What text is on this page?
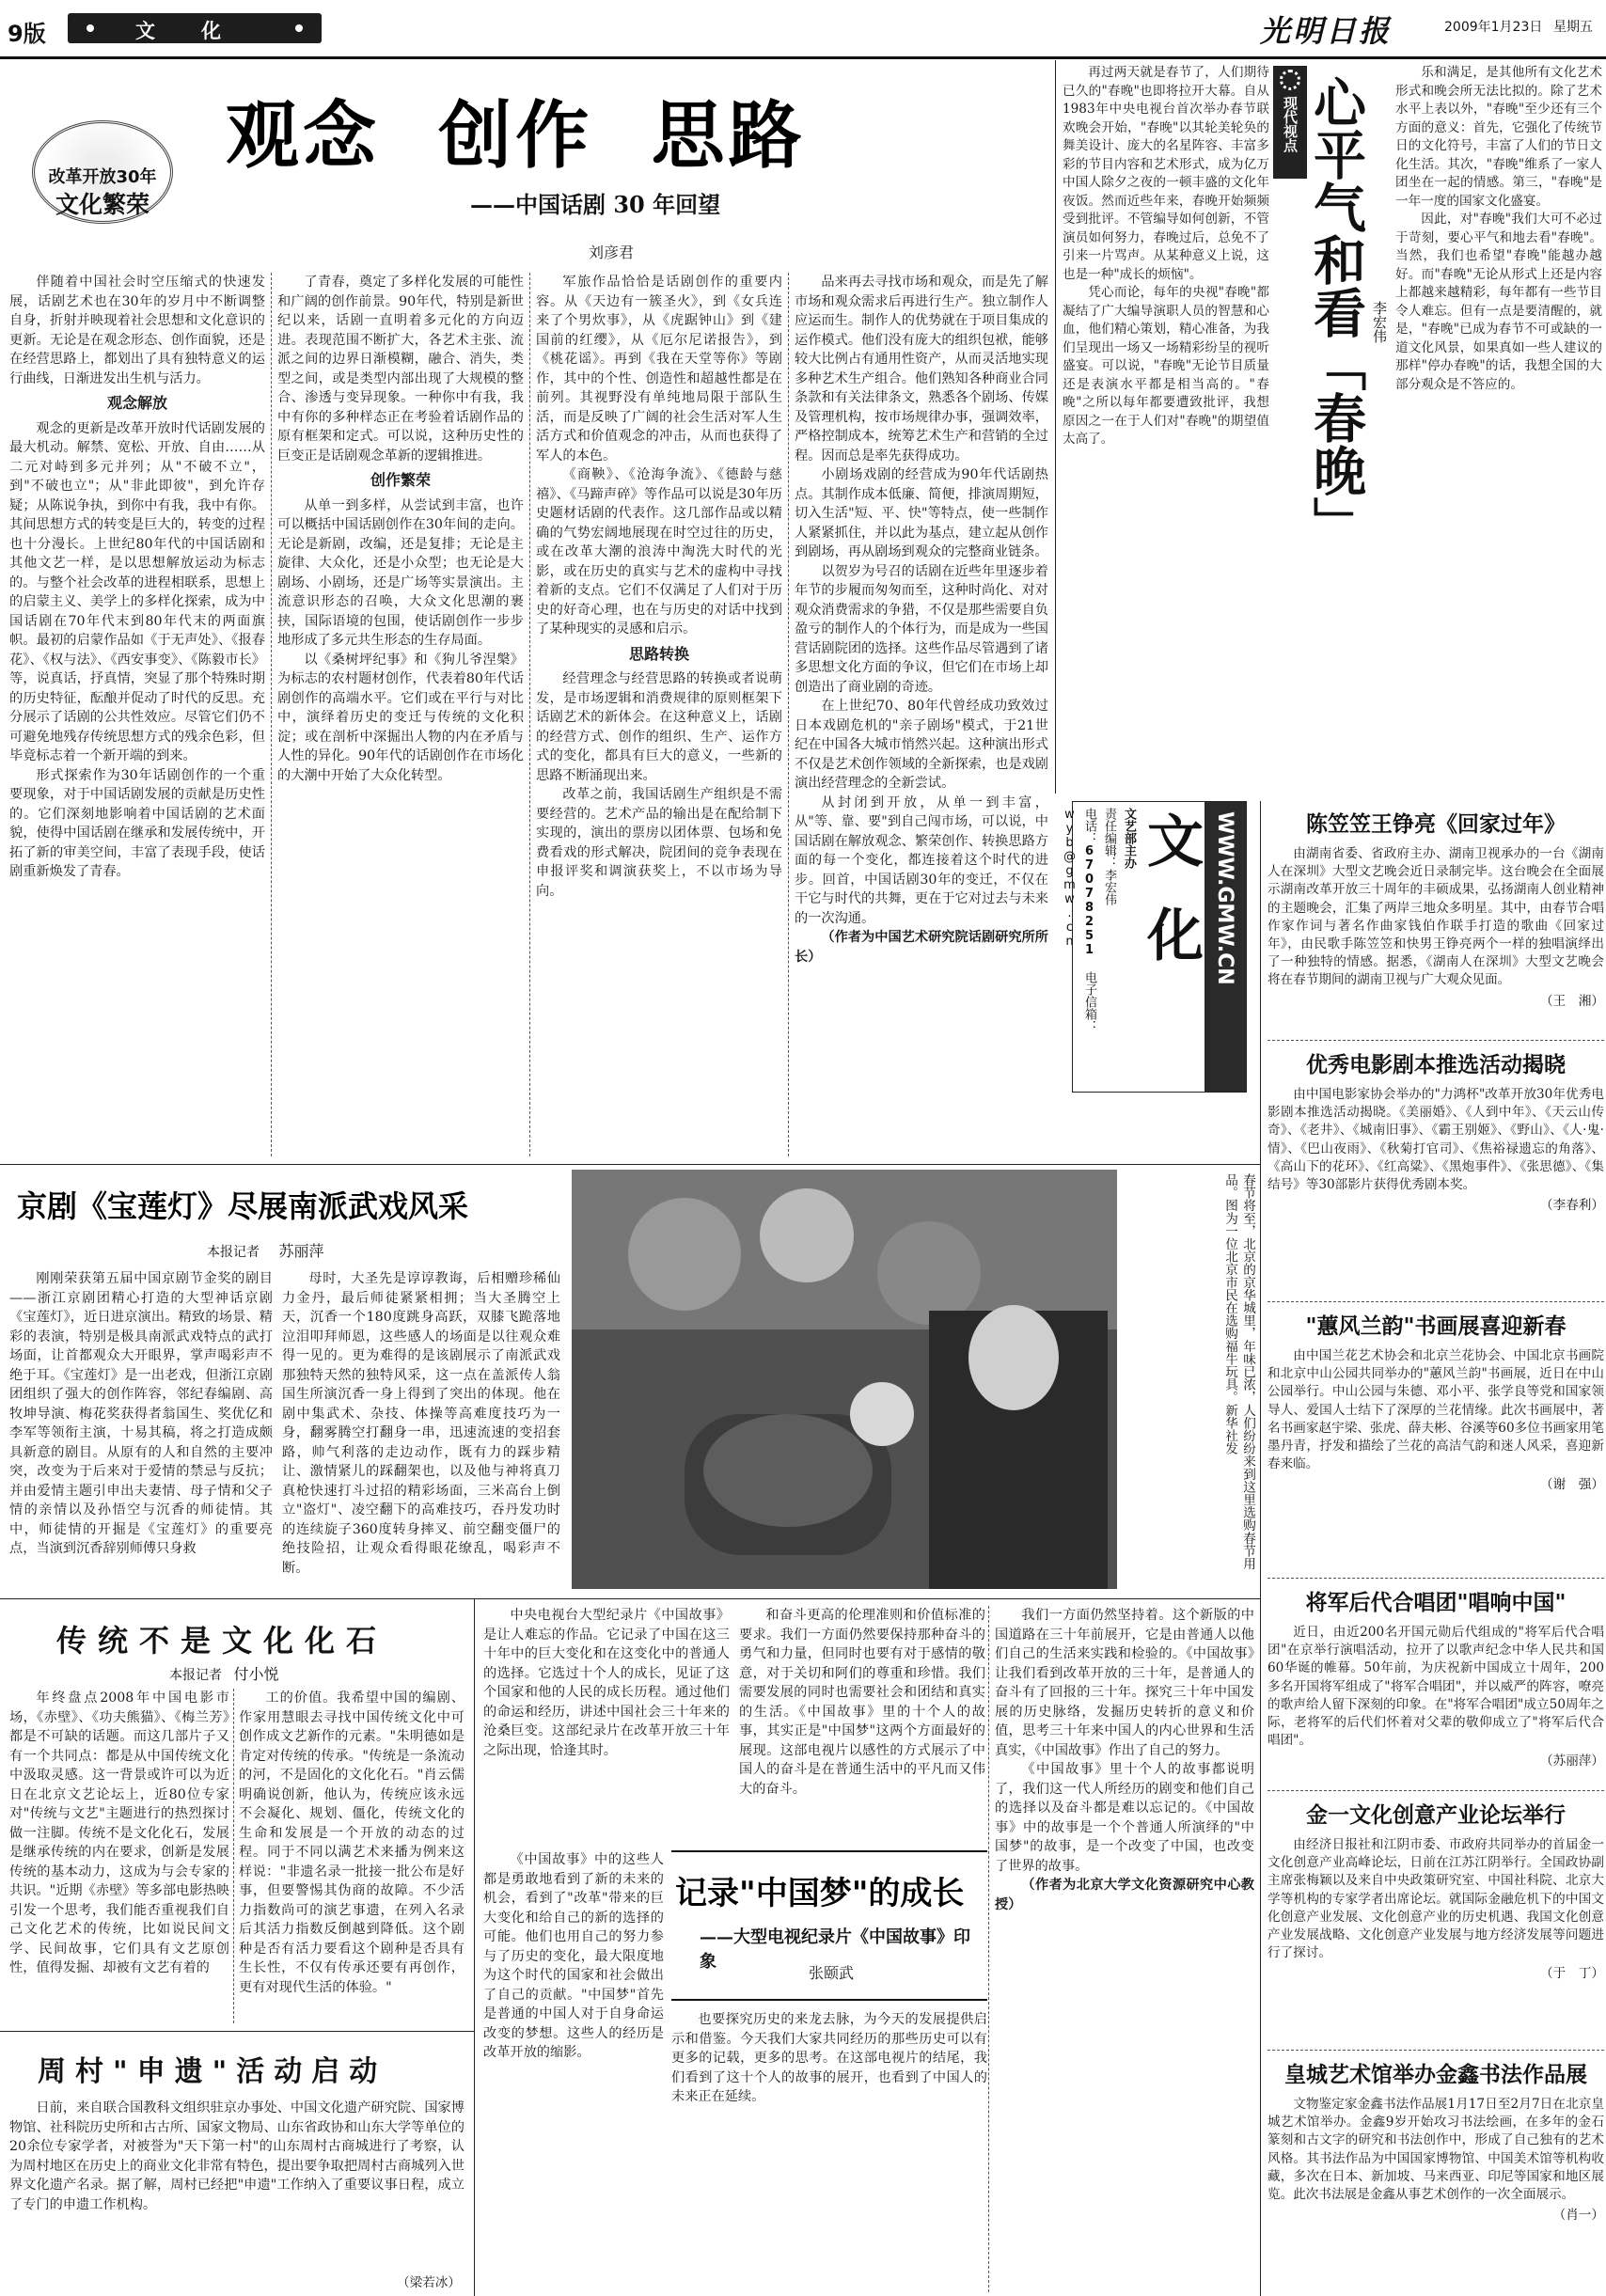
9版	文　化	光明日报	2009年1月23日 星期五
改革开放30年
文化繁荣
观念  创作  思路
——中国话剧 30 年回望
刘彦君

伴随着中国社会时空压缩式的快速发展，话剧艺术也在30年的岁月中不断调整自身，折射并映现着社会思想和文化意识的更新。无论是在观念形态、创作面貌，还是在经营思路上，都划出了具有独特意义的运行曲线，日渐进发出生机与活力。

观念解放

观念的更新是改革开放时代话剧发展的最大机动。解禁、宽松、开放、自由……从二元对峙到多元并列；从"不破不立"，到"不破也立"；从"非此即彼"，到允许存疑；从陈说争执，到你中有我，我中有你。其间思想方式的转变是巨大的，转变的过程也十分漫长。上世纪80年代的中国话剧和其他文艺一样，是以思想解放运动为标志的。与整个社会改革的进程相联系，思想上的启蒙主义、美学上的多样化探索，成为中国话剧在70年代末到80年代末的两面旗帜。最初的启蒙作品如《于无声处》、《报春花》、《权与法》、《西安事变》、《陈毅市长》等，说真话，抒真情，突显了那个特殊时期的历史特征，酝酿并促动了时代的反思。充分展示了话剧的公共性效应。尽管它们仍不可避免地残存传统思想方式的残余色彩，但毕竟标志着一个新开端的到来。

形式探索作为30年话剧创作的一个重要现象，对于中国话剧发展的贡献是历史性的。它们深刻地影响着中国话剧的艺术面貌，使得中国话剧在继承和发展传统中，开拓了新的审美空间，丰富了表现手段，使话剧重新焕发了青春。

了青春，奠定了多样化发展的可能性和广阔的创作前景。90年代，特别是新世纪以来，话剧一直明着多元化的方向迈进。表现范围不断扩大，各艺术主张、流派之间的边界日渐模糊，融合、消失，类型之间，或是类型内部出现了大规模的整合、渗透与变异现象。一种你中有我，我中有你的多种样态正在考验着话剧作品的原有框架和定式。可以说，这种历史性的巨变正是话剧观念革新的逻辑推进。

创作繁荣

从单一到多样，从尝试到丰富，也许可以概括中国话剧创作在30年间的走向。无论是新剧，改编，还是复排；无论是主旋律、大众化，还是小众型；也无论是大剧场、小剧场，还是广场等实景演出。主流意识形态的召唤，大众文化思潮的裹挟，国际语境的包围，使话剧创作一步步地形成了多元共生形态的生存局面。

以《桑树坪纪事》和《狗儿爷涅槃》为标志的农村题材创作，代表着80年代话剧创作的高端水平。它们或在平行与对比中，演绎着历史的变迁与传统的文化积淀；或在剖析中深掘出人物的内在矛盾与人性的异化。90年代的话剧创作在市场化的大潮中开始了大众化转型。

军旅作品恰恰是话剧创作的重要内容。从《天边有一簇圣火》，到《女兵连来了个男炊事》，从《虎踞钟山》到《建国前的红缨》，从《厄尔尼诺报告》，到《桃花谣》。再到《我在天堂等你》等剧作，其中的个性、创造性和超越性都是在前列。其视野没有单纯地局限于部队生活，而是反映了广阔的社会生活对军人生活方式和价值观念的冲击，从而也获得了军人的本色。

《商鞅》、《沧海争流》、《德龄与慈禧》、《马蹄声碎》等作品可以说是30年历史题材话剧的代表作。这几部作品或以精确的气势宏阔地展现在时空过往的历史，或在改革大潮的浪涛中淘洗大时代的光影，或在历史的真实与艺术的虚构中寻找着新的支点。它们不仅满足了人们对于历史的好奇心理，也在与历史的对话中找到了某种现实的灵感和启示。

思路转换

经营理念与经营思路的转换或者说萌发，是市场逻辑和消费规律的原则框架下话剧艺术的新体会。在这种意义上，话剧的经营方式、创作的组织、生产、运作方式的变化，都具有巨大的意义，一些新的思路不断涌现出来。

改革之前，我国话剧生产组织是不需要经营的。艺术产品的输出是在配给制下实现的，演出的票房以团体票、包场和免费看戏的形式解决，院团间的竞争表现在申报评奖和调演获奖上，不以市场为导向。

品来再去寻找市场和观众，而是先了解市场和观众需求后再进行生产。独立制作人应运而生。制作人的优势就在于项目集成的运作模式。他们没有庞大的组织包袱，能够较大比例占有通用性资产，从而灵活地实现多种艺术生产组合。他们熟知各种商业合同条款和有关法律条文，熟悉各个剧场、传媒及管理机构，按市场规律办事，强调效率，严格控制成本，统筹艺术生产和营销的全过程。因而总是率先获得成功。

小剧场戏剧的经营成为90年代话剧热点。其制作成本低廉、简便，排演周期短，切入生活"短、平、快"等特点，使一些制作人紧紧抓住，并以此为基点，建立起从创作到剧场，再从剧场到观众的完整商业链条。

以贺岁为号召的话剧在近些年里逐步着年节的步履而匆匆而至，这种时尚化、对对观众消费需求的争猎，不仅是那些需要自负盈亏的制作人的个体行为，而是成为一些国营话剧院团的选择。这些作品尽管遇到了诸多思想文化方面的争议，但它们在市场上却创造出了商业剧的奇迹。

在上世纪70、80年代曾经成功致效过日本戏剧危机的"亲子剧场"模式，于21世纪在中国各大城市悄然兴起。这种演出形式不仅是艺术创作领域的全新探索，也是戏剧演出经营理念的全新尝试。

从封闭到开放，从单一到丰富，从"等、靠、要"到自己闯市场，可以说，中国话剧在解放观念、繁荣创作、转换思路方面的每一个变化，都连接着这个时代的进步。回首，中国话剧30年的变迁，不仅在干它与时代的共舞，更在于它对过去与未来的一次沟通。

（作者为中国艺术研究院话剧研究所所长）

再过两天就是春节了，人们期待已久的"春晚"也即将拉开大幕。自从1983年中央电视台首次举办春节联欢晚会开始，"春晚"以其轮美轮奂的舞美设计、庞大的名星阵容、丰富多彩的节目内容和艺术形式，成为亿万中国人除夕之夜的一顿丰盛的文化年夜饭。然而近些年来，春晚开始频频受到批评。不管编导如何创新，不管演员如何努力，春晚过后，总免不了引来一片骂声。从某种意义上说，这也是一种"成长的烦恼"。

凭心而论，每年的央视"春晚"都凝结了广大编导演职人员的智慧和心血，他们精心策划，精心准备，为我们呈现出一场又一场精彩纷呈的视听盛宴。可以说，"春晚"无论节目质量还是表演水平都是相当高的。"春晚"之所以每年都要遭致批评，我想原因之一在于人们对"春晚"的期望值太高了。

现代视点 心平气和看「春晚」 李宏伟

乐和满足，是其他所有文化艺术形式和晚会所无法比拟的。除了艺术水平上表以外，"春晚"至少还有三个方面的意义：首先，它强化了传统节日的文化符号，丰富了人们的节日文化生活。其次，"春晚"维系了一家人团坐在一起的情感。第三，"春晚"是一年一度的国家文化盛宴。

因此，对"春晚"我们大可不必过于苛刻，要心平气和地去看"春晚"。当然，我们也希望"春晚"能越办越好。而"春晚"无论从形式上还是内容上都越来越精彩，每年都有一些节目令人难忘。但有一点是要清醒的，就是，"春晚"已成为春节不可或缺的一道文化风景，如果真如一些人建议的那样"停办春晚"的话，我想全国的大部分观众是不答应的。

文艺部主办
责任编辑：李宏伟
电话：67078251 电子信箱：wyb@gmw.cn	文化 WWW.GMW.CN	陈笠笠王铮亮《回家过年》
由湖南省委、省政府主办、湖南卫视承办的一台《湖南人在深圳》大型文艺晚会近日录制完毕。这台晚会在全面展示湖南改革开放三十周年的丰硕成果，弘扬湖南人创业精神的主题晚会，汇集了两岸三地众多明星。其中，由春节合唱作家作词与著名作曲家钱伯作联手打造的歌曲《回家过年》，由民歌手陈笠笠和快男王铮亮两个一样的独唱演绎出了一种独特的情感。据悉，《湖南人在深圳》大型文艺晚会将在春节期间的湖南卫视与广大观众见面。
（王　湘）
优秀电影剧本推选活动揭晓
由中国电影家协会举办的"力鸿杯"改革开放30年优秀电影剧本推选活动揭晓。《美丽婚》、《人到中年》、《天云山传奇》、《老井》、《城南旧事》、《霸王别姬》、《野山》、《人·鬼·情》、《巴山夜雨》、《秋菊打官司》、《焦裕禄遗忘的角落》、《高山下的花环》、《红高粱》、《黑炮事件》、《张思德》、《集结号》等30部影片获得优秀剧本奖。
（李春利）
"蕙风兰韵"书画展喜迎新春
由中国兰花艺术协会和北京兰花协会、中国北京书画院和北京中山公园共同举办的"蕙风兰韵"书画展，近日在中山公园举行。中山公园与朱德、邓小平、张学良等党和国家领导人、爱国人士结下了深厚的兰花情缘。此次书画展中，著名书画家赵宇梁、张虎、薛夫彬、谷溪等60多位书画家用笔墨丹青，抒发和描绘了兰花的高洁气韵和迷人风采，喜迎新春来临。
（谢　强）
将军后代合唱团"唱响中国"
近日，由近200名开国元勋后代组成的"将军后代合唱团"在京举行演唱活动，拉开了以歌声纪念中华人民共和国60华诞的帷幕。50年前，为庆祝新中国成立十周年，200多名开国将军组成了"将军合唱团"，并以威严的阵容，嘹亮的歌声给人留下深刻的印象。在"将军合唱团"成立50周年之际，老将军的后代们怀着对父辈的敬仰成立了"将军后代合唱团"。
（苏丽萍）
金一文化创意产业论坛举行
由经济日报社和江阴市委、市政府共同举办的首届金一文化创意产业高峰论坛，日前在江苏江阴举行。全国政协副主席张梅颖以及来自中央政策研究室、中国社科院、北京大学等机构的专家学者出席论坛。就国际金融危机下的中国文化创意产业发展、文化创意产业的历史机遇、我国文化创意产业发展战略、文化创意产业发展与地方经济发展等问题进行了探讨。
（于　丁）
皇城艺术馆举办金鑫书法作品展
文物鉴定家金鑫书法作品展1月17日至2月7日在北京皇城艺术馆举办。金鑫9岁开始攻习书法绘画，在多年的金石篆刻和古文字的研究和书法创作中，形成了自己独有的艺术风格。其书法作品为中国国家博物馆、中国美术馆等机构收藏，多次在日本、新加坡、马来西亚、印尼等国家和地区展览。此次书法展是金鑫从事艺术创作的一次全面展示。
（肖一）
京剧《宝莲灯》尽展南派武戏风采
本报记者 苏丽萍
刚刚荣获第五届中国京剧节金奖的剧目——浙江京剧团精心打造的大型神话京剧《宝莲灯》，近日进京演出。精致的场景、精彩的表演，特别是极具南派武戏特点的武打场面，让首都观众大开眼界，掌声喝彩声不绝于耳。《宝莲灯》是一出老戏，但浙江京剧团组织了强大的创作阵容，邻纪春编剧、高牧坤导演、梅花奖获得者翁国生、奖优亿和李军等领衔主演，十易其稿，将之打造成颇具新意的剧目。从原有的人和自然的主要冲突，改变为于后来对于爱情的禁忌与反抗；并由爱情主题引申出夫妻情、母子情和父子情的亲情以及孙悟空与沉香的师徒情。其中，师徒情的开掘是《宝莲灯》的重要亮点，当演到沉香辞别师傅只身救
母时，大圣先是谆谆教诲，后相赠珍稀仙力金丹，最后师徒紧紧相拥；当大圣腾空上天，沉香一个180度跳身高跃，双膝飞跪落地泣泪叩拜师恩，这些感人的场面是以往观众难得一见的。更为难得的是该剧展示了南派武戏那独特天然的独特风采，这一点在盖派传人翁国生所演沉香一身上得到了突出的体现。他在剧中集武术、杂技、体操等高难度技巧为一身，翻雾腾空打翻身一串，迅速流速的变招套路，帅气利落的走边动作，既有力的踩步精让、激情紧儿的踩翻架也，以及他与神将真刀真枪快速打斗过招的精彩场面，三米高台上倒立"盗灯"、凌空翻下的高难技巧，吞丹发功时的连续旋子360度转身摔叉、前空翻变僵尸的绝技险招，让观众看得眼花缭乱，喝彩声不断。	春节将至，北京的京华城里，年味已浓，人们纷纷来到这里选购春节用品。图为一位北京市民在选购福牛玩具。新华社发
传统不是文化化石
本报记者 付小悦
年终盘点2008年中国电影市场，《赤壁》、《功夫熊猫》、《梅兰芳》都是不可缺的话题。而这几部片子又有一个共同点：都是从中国传统文化中汲取灵感。这一背景或许可以为近日在北京文艺论坛上，近80位专家对"传统与文艺"主题进行的热烈探讨做一注脚。传统不是文化化石，发展是继承传统的内在要求，创新是发展传统的基本动力，这成为与会专家的共识。"近期《赤壁》等多部电影热映引发一个思考，我们能否重视我们自己文化艺术的传统，比如说民间文学、民间故事，它们具有文艺原创性，值得发掘、却被有文艺有着的
工的价值。我希望中国的编剧、作家用慧眼去寻找中国传统文化中可创作成文艺新作的元素。"朱明德如是肯定对传统的传承。"传统是一条流动的河，不是固化的文化化石。"肖云儒明确说创新，他认为，传统应该永远不会凝化、规划、僵化，传统文化的生命和发展是一个开放的动态的过程。同于不同以满艺术来播为例来这样说："非遗名录一批接一批公布是好事，但要警惕其伪商的故障。不少活力指数尚可的演艺事遗，在列入名录后其活力指数反倒越到降低。这个剧种是否有活力要看这个剧种是否具有生长性，不仅有传承还要有再创作，更有对现代生活的体验。"
周村"申遗"活动启动
日前，来自联合国教科文组织驻京办事处、中国文化遗产研究院、国家博物馆、社科院历史所和古古所、国家文物局、山东省政协和山东大学等单位的20余位专家学者，对被誉为"天下第一村"的山东周村古商城进行了考察，认为周村地区在历史上的商业文化非常有特色，提出要争取把周村古商城列入世界文化遗产名录。据了解，周村已经把"申遗"工作纳入了重要议事日程，成立了专门的申遗工作机构。
（梁若冰）
中央电视台大型纪录片《中国故事》是让人难忘的作品。它记录了中国在这三十年中的巨大变化和在这变化中的普通人的选择。它选过十个人的成长，见证了这个国家和他的人民的成长历程。通过他们的命运和经历，讲述中国社会三十年来的沧桑巨变。这部纪录片在改革开放三十年之际出现，恰逢其时。
和奋斗更高的伦理准则和价值标准的要求。我们一方面仍然要保持那种奋斗的勇气和力量，但同时也要有对于感情的敬意，对于关切和阿们的尊重和珍惜。我们需要发展的同时也需要社会和团结和真实的生活。《中国故事》里的十个人的故事，其实正是"中国梦"这两个方面最好的展现。这部电视片以感性的方式展示了中国人的奋斗是在普通生活中的平凡而又伟大的奋斗。

我们一方面仍然坚持着。这个新版的中国道路在三十年前展开，它是由普通人以他们自己的生活来实践和检验的。《中国故事》让我们看到改革开放的三十年，是普通人的奋斗有了回报的三十年。探究三十年中国发展的历史脉络，发掘历史转折的意义和价值，思考三十年来中国人的内心世界和生活真实，《中国故事》作出了自己的努力。

《中国故事》里十个人的故事都说明了，我们这一代人所经历的剧变和他们自己的选择以及奋斗都是难以忘记的。《中国故事》中的故事是一个个普通人所演绎的"中国梦"的故事，是一个改变了中国，也改变了世界的故事。

（作者为北京大学文化资源研究中心教授）

记录"中国梦"的成长
——大型电视纪录片《中国故事》印象
张颐武
《中国故事》中的这些人都是勇敢地看到了新的未来的机会，看到了"改革"带来的巨大变化和给自己的新的选择的可能。他们也用自己的努力参与了历史的变化，最大限度地为这个时代的国家和社会做出了自己的贡献。"中国梦"首先是普通的中国人对于自身命运改变的梦想。这些人的经历是改革开放的缩影。
也要探究历史的来龙去脉，为今天的发展提供启示和借鉴。今天我们大家共同经历的那些历史可以有更多的记载，更多的思考。在这部电视片的结尾，我们看到了这十个人的故事的展开，也看到了中国人的未来正在延续。
